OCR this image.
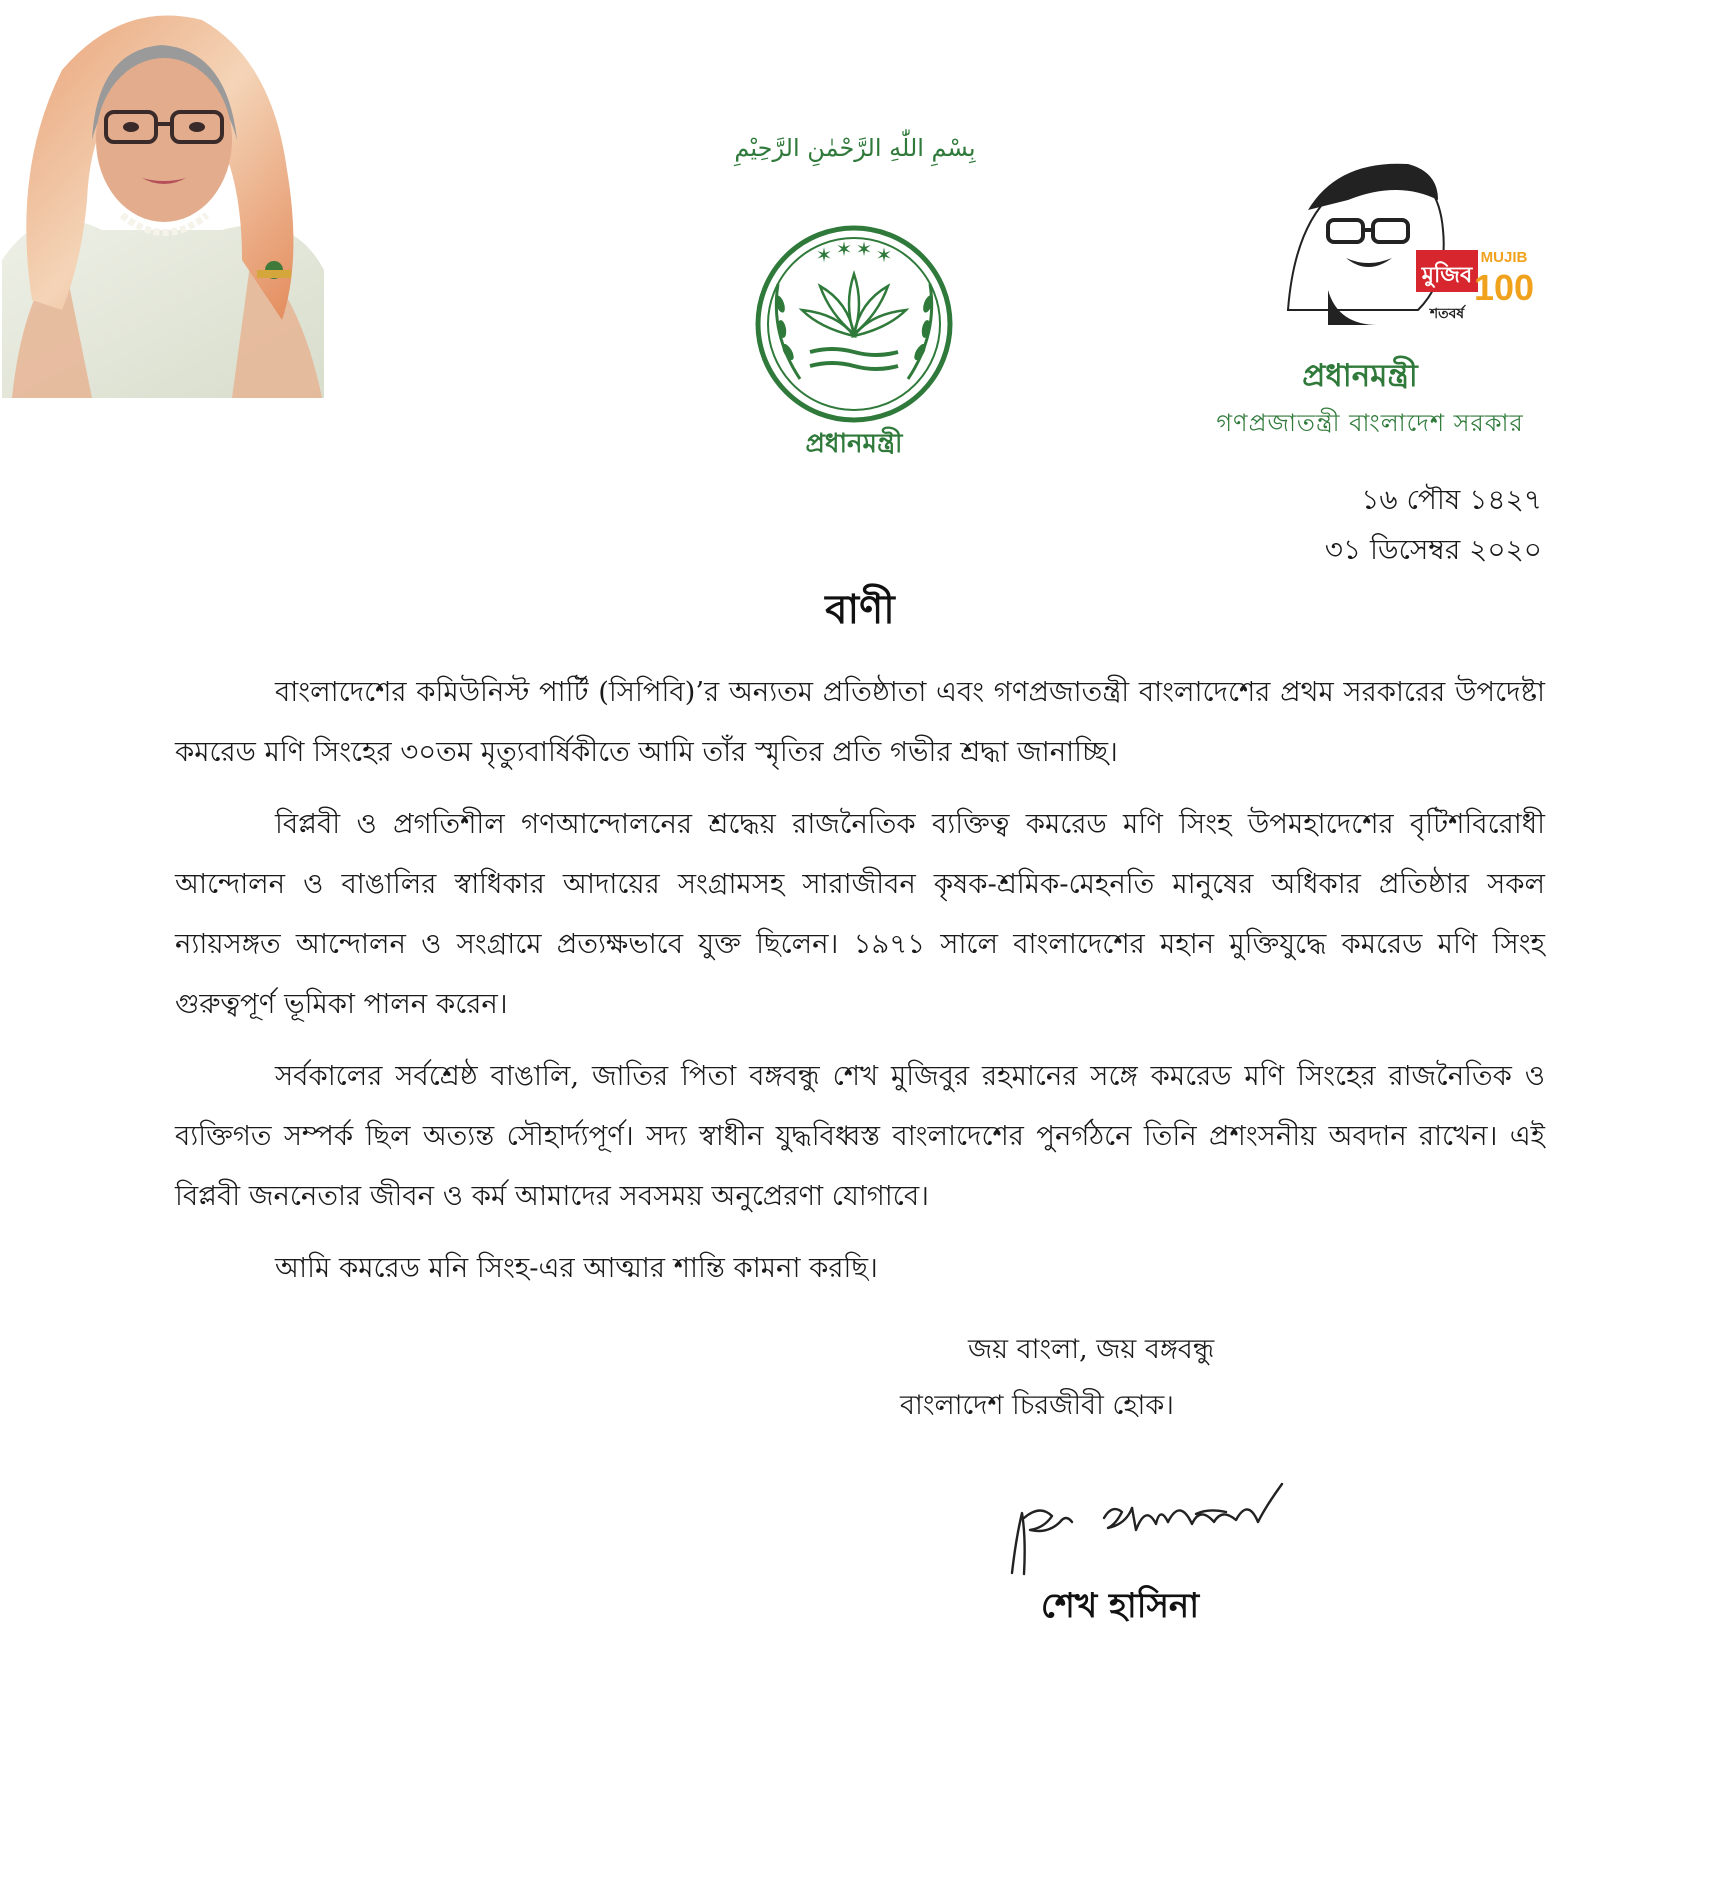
بِسْمِ اللّٰهِ الرَّحْمٰنِ الرَّحِيْمِ
✶ ✶ ✶ ✶
প্রধানমন্ত্রী
মুজিব
শতবর্ষ
MUJIB
100
প্রধানমন্ত্রী
গণপ্রজাতন্ত্রী বাংলাদেশ সরকার
১৬ পৌষ ১৪২৭
৩১ ডিসেম্বর ২০২০
বাণী

বাংলাদেশের কমিউনিস্ট পার্টি (সিপিবি)’র অন্যতম প্রতিষ্ঠাতা এবং গণপ্রজাতন্ত্রী বাংলাদেশের প্রথম সরকারের উপদেষ্টা কমরেড মণি সিংহের ৩০তম মৃত্যুবার্ষিকীতে আমি তাঁর স্মৃতির প্রতি গভীর শ্রদ্ধা জানাচ্ছি।

বিপ্লবী ও প্রগতিশীল গণআন্দোলনের শ্রদ্ধেয় রাজনৈতিক ব্যক্তিত্ব কমরেড মণি সিংহ উপমহাদেশের বৃটিশবিরোধী আন্দোলন ও বাঙালির স্বাধিকার আদায়ের সংগ্রামসহ সারাজীবন কৃষক-শ্রমিক-মেহনতি মানুষের অধিকার প্রতিষ্ঠার সকল ন্যায়সঙ্গত আন্দোলন ও সংগ্রামে প্রত্যক্ষভাবে যুক্ত ছিলেন। ১৯৭১ সালে বাংলাদেশের মহান মুক্তিযুদ্ধে কমরেড মণি সিংহ গুরুত্বপূর্ণ ভূমিকা পালন করেন।

সর্বকালের সর্বশ্রেষ্ঠ বাঙালি, জাতির পিতা বঙ্গবন্ধু শেখ মুজিবুর রহমানের সঙ্গে কমরেড মণি সিংহের রাজনৈতিক ও ব্যক্তিগত সম্পর্ক ছিল অত্যন্ত সৌহার্দ্যপূর্ণ। সদ্য স্বাধীন যুদ্ধবিধ্বস্ত বাংলাদেশের পুনর্গঠনে তিনি প্রশংসনীয় অবদান রাখেন। এই বিপ্লবী জননেতার জীবন ও কর্ম আমাদের সবসময় অনুপ্রেরণা যোগাবে।

আমি কমরেড মনি সিংহ-এর আত্মার শান্তি কামনা করছি।

জয় বাংলা, জয় বঙ্গবন্ধু
বাংলাদেশ চিরজীবী হোক।
শেখ হাসিনা
